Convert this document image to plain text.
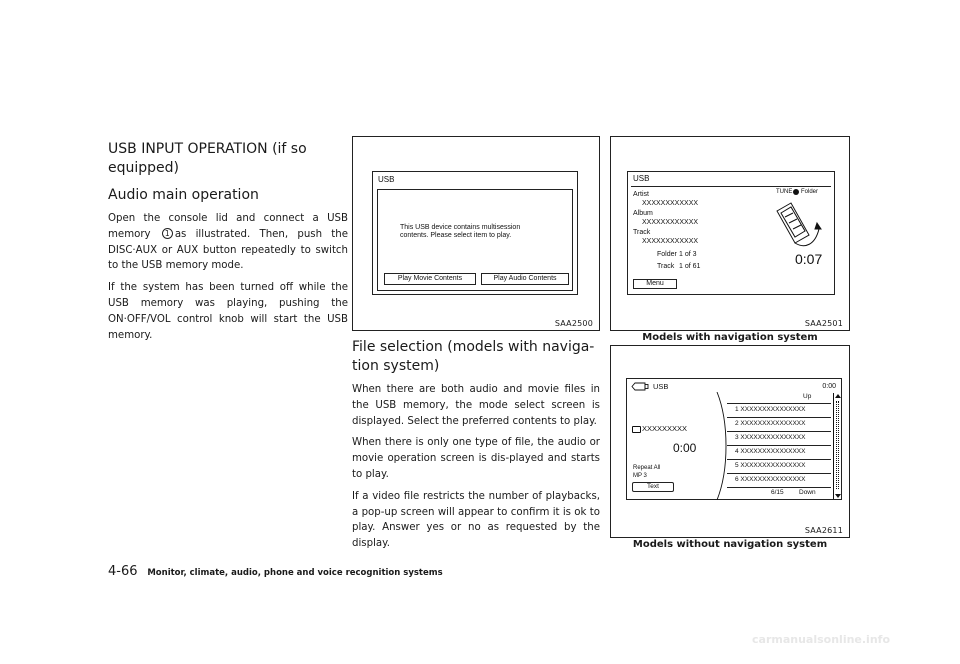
USB INPUT OPERATION (if so equipped)
Audio main operation
Open the console lid and connect a USB memory 1 as illustrated. Then, push the DISC·AUX or AUX button repeatedly to switch to the USB memory mode.
If the system has been turned off while the USB memory was playing, pushing the ON·OFF/VOL control knob will start the USB memory.
USB
This USB device contains multisession contents. Please select item to play.
Play Movie Contents	Play Audio Contents
SAA2500
File selection (models with naviga-tion system)
When there are both audio and movie files in the USB memory, the mode select screen is displayed. Select the preferred contents to play.
When there is only one type of file, the audio or movie operation screen is dis-played and starts to play.
If a video file restricts the number of playbacks, a pop-up screen will appear to confirm it is ok to play. Answer yes or no as requested by the display.
USB
Artist
XXXXXXXXXXXX
Album
XXXXXXXXXXXX
Track
XXXXXXXXXXXX
TUNE Folder
Folder 1 of 3
Track 1 of 61	0:07
Menu
SAA2501
Models with navigation system
USB	0:00
XXXXXXXXX
0:00
Repeat All
MP 3
Text
Up
1 XXXXXXXXXXXXXXX
2 XXXXXXXXXXXXXXX
3 XXXXXXXXXXXXXXX
4 XXXXXXXXXXXXXXX
5 XXXXXXXXXXXXXXX
6 XXXXXXXXXXXXXXX
6/15 Down
SAA2611
Models without navigation system
4-66 Monitor, climate, audio, phone and voice recognition systems
carmanualsonline.info
